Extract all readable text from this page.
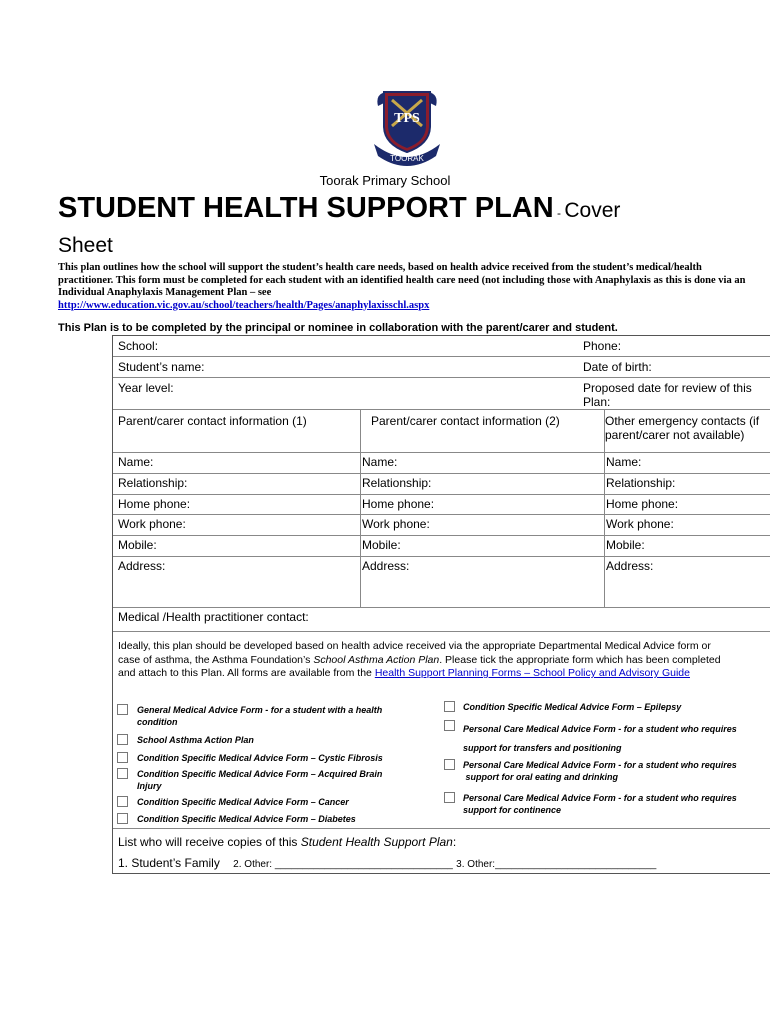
TPS
TOORAK
Toorak Primary School
STUDENT HEALTH SUPPORT PLAN - Cover
Sheet
This plan outlines how the school will support the student’s health care needs, based on health advice received from the student’s medical/health practitioner. This form must be completed for each student with an identified health care need (not including those with Anaphylaxis as this is done via an Individual Anaphylaxis Management Plan – see
http://www.education.vic.gov.au/school/teachers/health/Pages/anaphylaxisschl.aspx
This Plan is to be completed by the principal or nominee in collaboration with the parent/carer and student.
School:	Phone:
Student’s name:	Date of birth:
Year level:	Proposed date for review of this Plan:
Parent/carer contact information (1)	Parent/carer contact information (2)	Other emergency contacts (if parent/carer not available)
Name:	Name:	Name:
Relationship:	Relationship:	Relationship:
Home phone:	Home phone:	Home phone:
Work phone:	Work phone:	Work phone:
Mobile:	Mobile:	Mobile:
Address:	Address:	Address:
Medical /Health practitioner contact:
Ideally, this plan should be developed based on health advice received via the appropriate Departmental Medical Advice form or
case of asthma, the Asthma Foundation’s School Asthma Action Plan. Please tick the appropriate form which has been completed
and attach to this Plan. All forms are available from the Health Support Planning Forms – School Policy and Advisory Guide
General Medical Advice Form - for a student with a health
condition
School Asthma Action Plan
Condition Specific Medical Advice Form – Cystic Fibrosis
Condition Specific Medical Advice Form – Acquired Brain
Injury
Condition Specific Medical Advice Form – Cancer
Condition Specific Medical Advice Form – Diabetes
Condition Specific Medical Advice Form – Epilepsy
Personal Care Medical Advice Form - for a student who requires
support for transfers and positioning
Personal Care Medical Advice Form - for a student who requires
support for oral eating and drinking
Personal Care Medical Advice Form - for a student who requires
support for continence
List who will receive copies of this Student Health Support Plan:
1. Student’s Family 2. Other: ________________________________ 3. Other:_____________________________
